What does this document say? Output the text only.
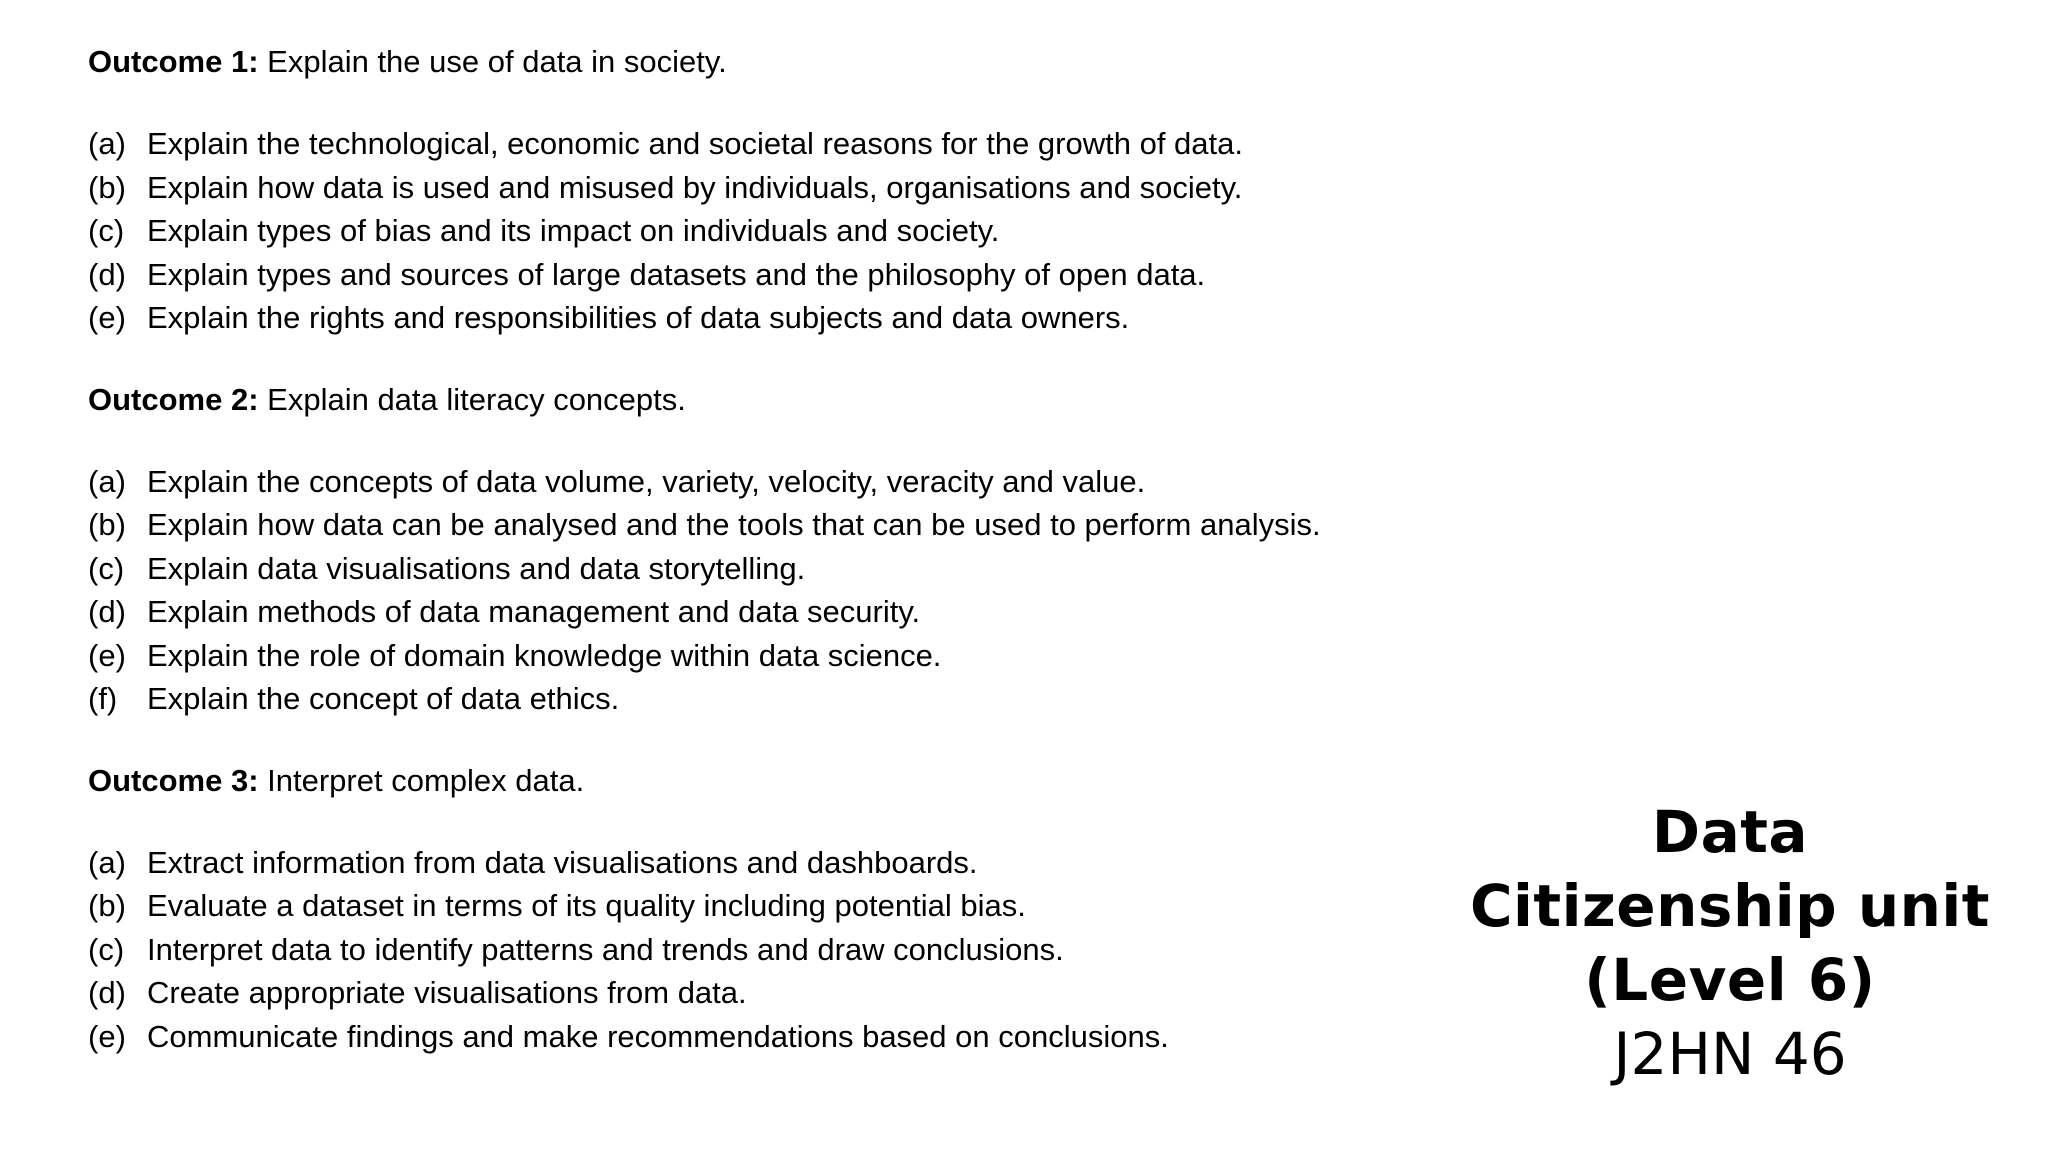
Outcome 1: Explain the use of data in society.

(a) Explain the technological, economic and societal reasons for the growth of data.
(b) Explain how data is used and misused by individuals, organisations and society.
(c) Explain types of bias and its impact on individuals and society.
(d) Explain types and sources of large datasets and the philosophy of open data.
(e) Explain the rights and responsibilities of data subjects and data owners.

Outcome 2: Explain data literacy concepts.

(a) Explain the concepts of data volume, variety, velocity, veracity and value.
(b) Explain how data can be analysed and the tools that can be used to perform analysis.
(c) Explain data visualisations and data storytelling.
(d) Explain methods of data management and data security.
(e) Explain the role of domain knowledge within data science.
(f) Explain the concept of data ethics.

Outcome 3: Interpret complex data.

(a) Extract information from data visualisations and dashboards.
(b) Evaluate a dataset in terms of its quality including potential bias.
(c) Interpret data to identify patterns and trends and draw conclusions.
(d) Create appropriate visualisations from data.
(e) Communicate findings and make recommendations based on conclusions.
Data
Citizenship unit
(Level 6)
J2HN 46
